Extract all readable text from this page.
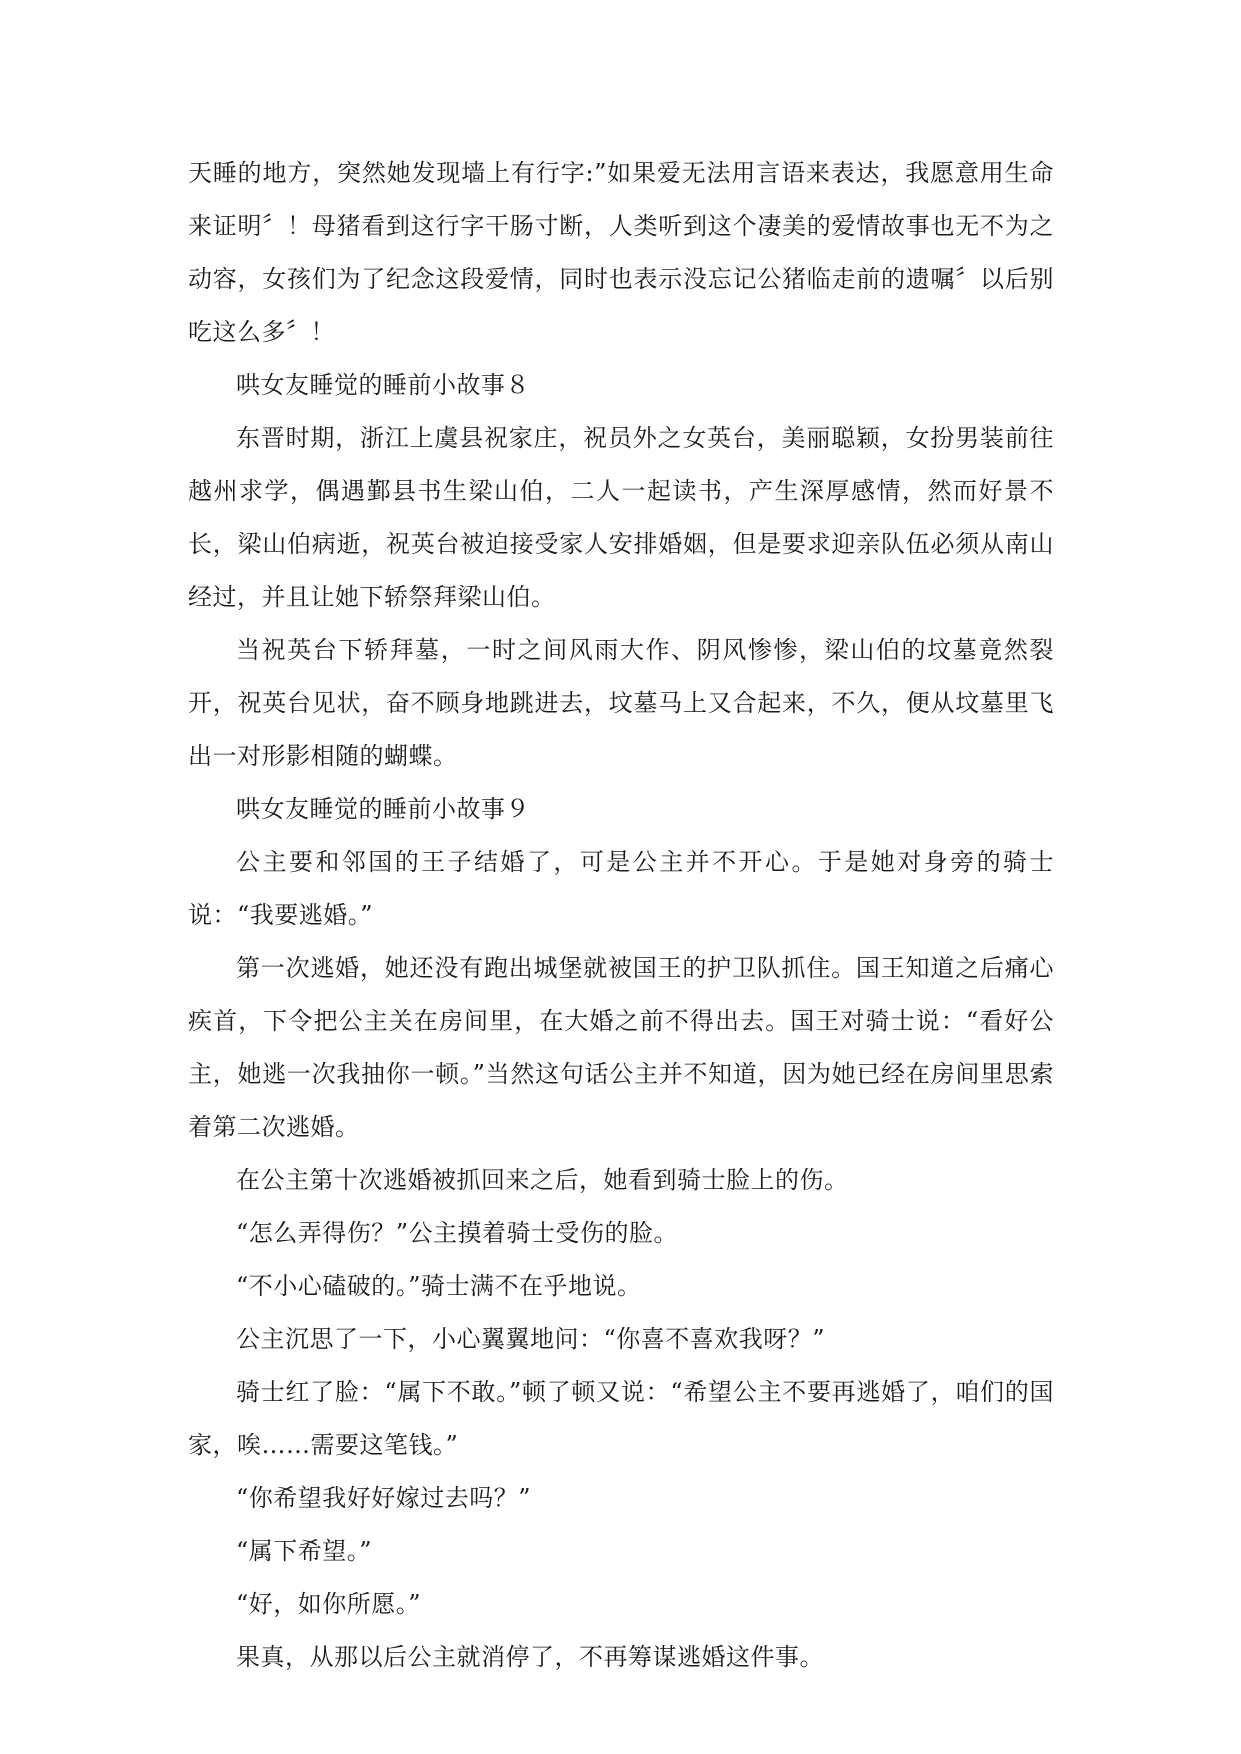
天睡的地方，突然她发现墙上有行字:”如果爱无法用言语来表达，我愿意用生命来证明〞！母猪看到这行字干肠寸断，人类听到这个凄美的爱情故事也无不为之动容，女孩们为了纪念这段爱情，同时也表示没忘记公猪临走前的遗嘱〞以后别吃这么多〞！

哄女友睡觉的睡前小故事８

东晋时期，浙江上虞县祝家庄，祝员外之女英台，美丽聪颖，女扮男装前往越州求学，偶遇鄞县书生梁山伯，二人一起读书，产生深厚感情，然而好景不长，梁山伯病逝，祝英台被迫接受家人安排婚姻，但是要求迎亲队伍必须从南山经过，并且让她下轿祭拜梁山伯。

当祝英台下轿拜墓，一时之间风雨大作、阴风惨惨，梁山伯的坟墓竟然裂开，祝英台见状，奋不顾身地跳进去，坟墓马上又合起来，不久，便从坟墓里飞出一对形影相随的蝴蝶。

哄女友睡觉的睡前小故事９

公主要和邻国的王子结婚了，可是公主并不开心。于是她对身旁的骑士说：“我要逃婚。”

第一次逃婚，她还没有跑出城堡就被国王的护卫队抓住。国王知道之后痛心疾首，下令把公主关在房间里，在大婚之前不得出去。国王对骑士说：“看好公主，她逃一次我抽你一顿。”当然这句话公主并不知道，因为她已经在房间里思索着第二次逃婚。

在公主第十次逃婚被抓回来之后，她看到骑士脸上的伤。

“怎么弄得伤？”公主摸着骑士受伤的脸。

“不小心磕破的。”骑士满不在乎地说。

公主沉思了一下，小心翼翼地问：“你喜不喜欢我呀？”

骑士红了脸：“属下不敢。”顿了顿又说：“希望公主不要再逃婚了，咱们的国家，唉……需要这笔钱。”

“你希望我好好嫁过去吗？”

“属下希望。”

“好，如你所愿。”

果真，从那以后公主就消停了，不再筹谋逃婚这件事。
